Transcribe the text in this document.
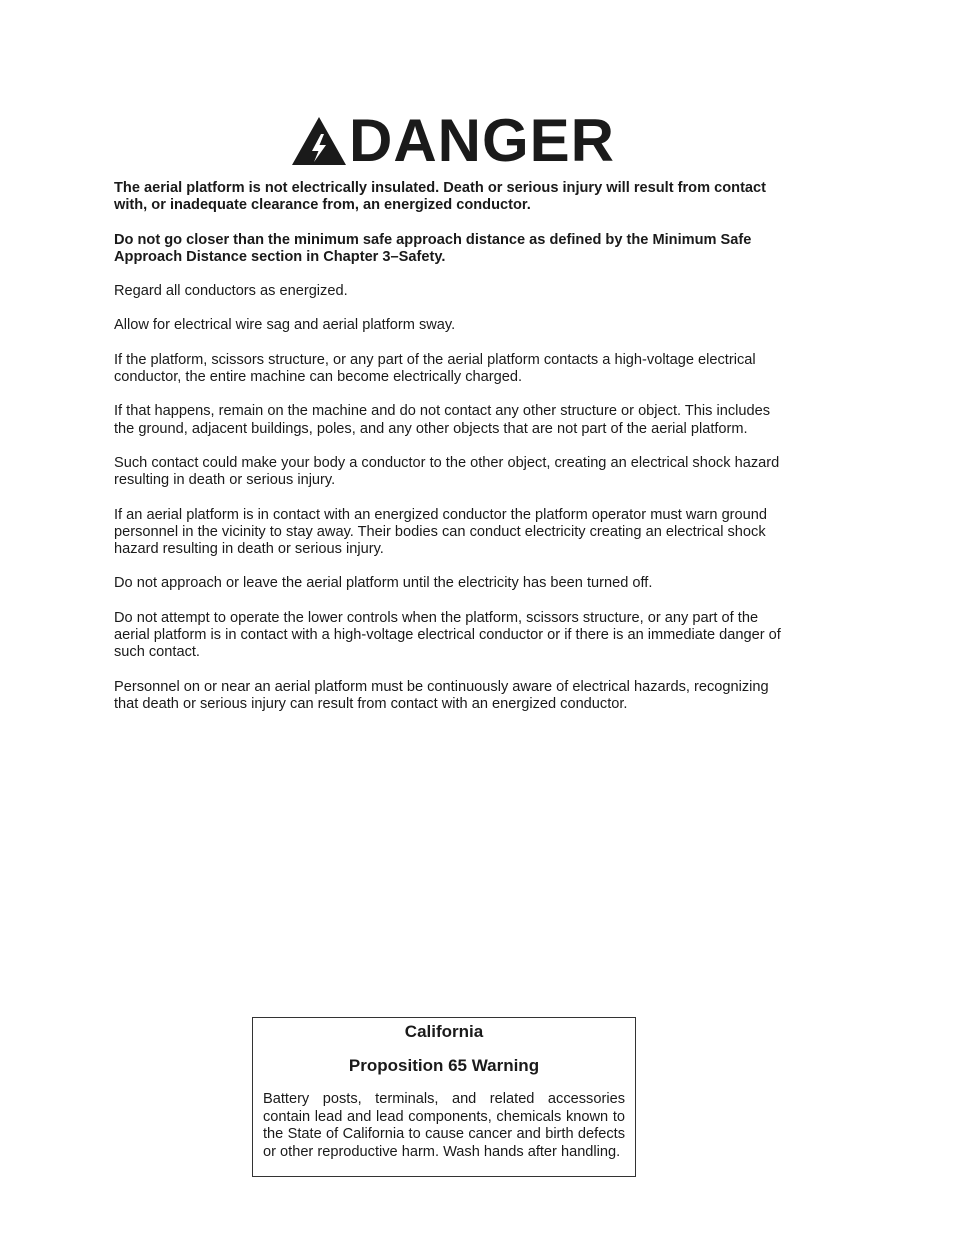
DANGER

The aerial platform is not electrically insulated. Death or serious injury will result from contact with, or inadequate clearance from, an energized conductor.

Do not go closer than the minimum safe approach distance as defined by the Minimum Safe Approach Distance section in Chapter 3–Safety.

Regard all conductors as energized.

Allow for electrical wire sag and aerial platform sway.

If the platform, scissors structure, or any part of the aerial platform contacts a high-voltage electrical conductor, the entire machine can become electrically charged.

If that happens, remain on the machine and do not contact any other structure or object. This includes the ground, adjacent buildings, poles, and any other objects that are not part of the aerial platform.

Such contact could make your body a conductor to the other object, creating an electrical shock hazard resulting in death or serious injury.

If an aerial platform is in contact with an energized conductor the platform operator must warn ground personnel in the vicinity to stay away. Their bodies can conduct electricity creating an electrical shock hazard resulting in death or serious injury.

Do not approach or leave the aerial platform until the electricity has been turned off.

Do not attempt to operate the lower controls when the platform, scissors structure, or any part of the aerial platform is in contact with a high-voltage electrical conductor or if there is an immediate danger of such contact.

Personnel on or near an aerial platform must be continuously aware of electrical hazards, recognizing that death or serious injury can result from contact with an energized conductor.

California
Proposition 65 Warning
Battery posts, terminals, and related accessories contain lead and lead components, chemicals known to the State of California to cause cancer and birth defects or other reproductive harm. Wash hands after handling.
